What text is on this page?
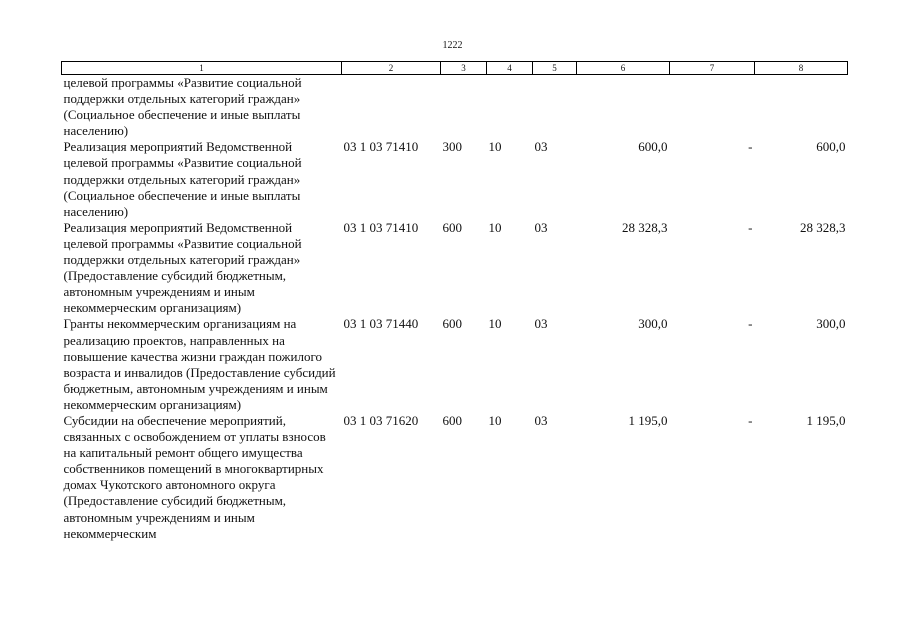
1222
1	2	3	4	5	6	7	8
целевой программы «Развитие социальной поддержки отдельных категорий граждан» (Социальное обеспечение и иные выплаты населению)							
Реализация мероприятий Ведомственной целевой программы «Развитие социальной поддержки отдельных категорий граждан» (Социальное обеспечение и иные выплаты населению)	03 1 03 71410	300	10	03	600,0	-	600,0
Реализация мероприятий Ведомственной целевой программы «Развитие социальной поддержки отдельных категорий граждан» (Предоставление субсидий бюджетным, автономным учреждениям и иным некоммерческим организациям)	03 1 03 71410	600	10	03	28 328,3	-	28 328,3
Гранты некоммерческим организациям на реализацию проектов, направленных на повышение качества жизни граждан пожилого возраста и инвалидов (Предоставление субсидий бюджетным, автономным учреждениям и иным некоммерческим организациям)	03 1 03 71440	600	10	03	300,0	-	300,0
Субсидии на обеспечение мероприятий, связанных с освобождением от уплаты взносов на капитальный ремонт общего имущества собственников помещений в многоквартирных домах Чукотского автономного округа (Предоставление субсидий бюджетным, автономным учреждениям и иным некоммерческим	03 1 03 71620	600	10	03	1 195,0	-	1 195,0
